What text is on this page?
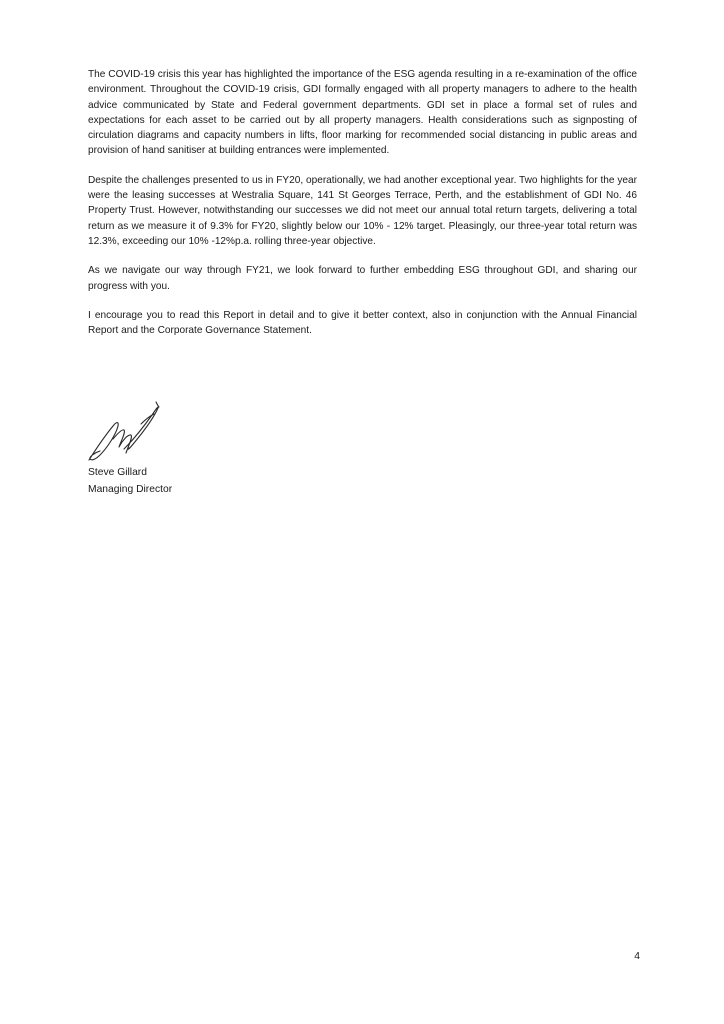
The COVID-19 crisis this year has highlighted the importance of the ESG agenda resulting in a re-examination of the office environment. Throughout the COVID-19 crisis, GDI formally engaged with all property managers to adhere to the health advice communicated by State and Federal government departments. GDI set in place a formal set of rules and expectations for each asset to be carried out by all property managers. Health considerations such as signposting of circulation diagrams and capacity numbers in lifts, floor marking for recommended social distancing in public areas and provision of hand sanitiser at building entrances were implemented.

Despite the challenges presented to us in FY20, operationally, we had another exceptional year. Two highlights for the year were the leasing successes at Westralia Square, 141 St Georges Terrace, Perth, and the establishment of GDI No. 46 Property Trust. However, notwithstanding our successes we did not meet our annual total return targets, delivering a total return as we measure it of 9.3% for FY20, slightly below our 10% - 12% target. Pleasingly, our three-year total return was 12.3%, exceeding our 10% -12%p.a. rolling three-year objective.

As we navigate our way through FY21, we look forward to further embedding ESG throughout GDI, and sharing our progress with you.

I encourage you to read this Report in detail and to give it better context, also in conjunction with the Annual Financial Report and the Corporate Governance Statement.

Steve Gillard
Managing Director
4
